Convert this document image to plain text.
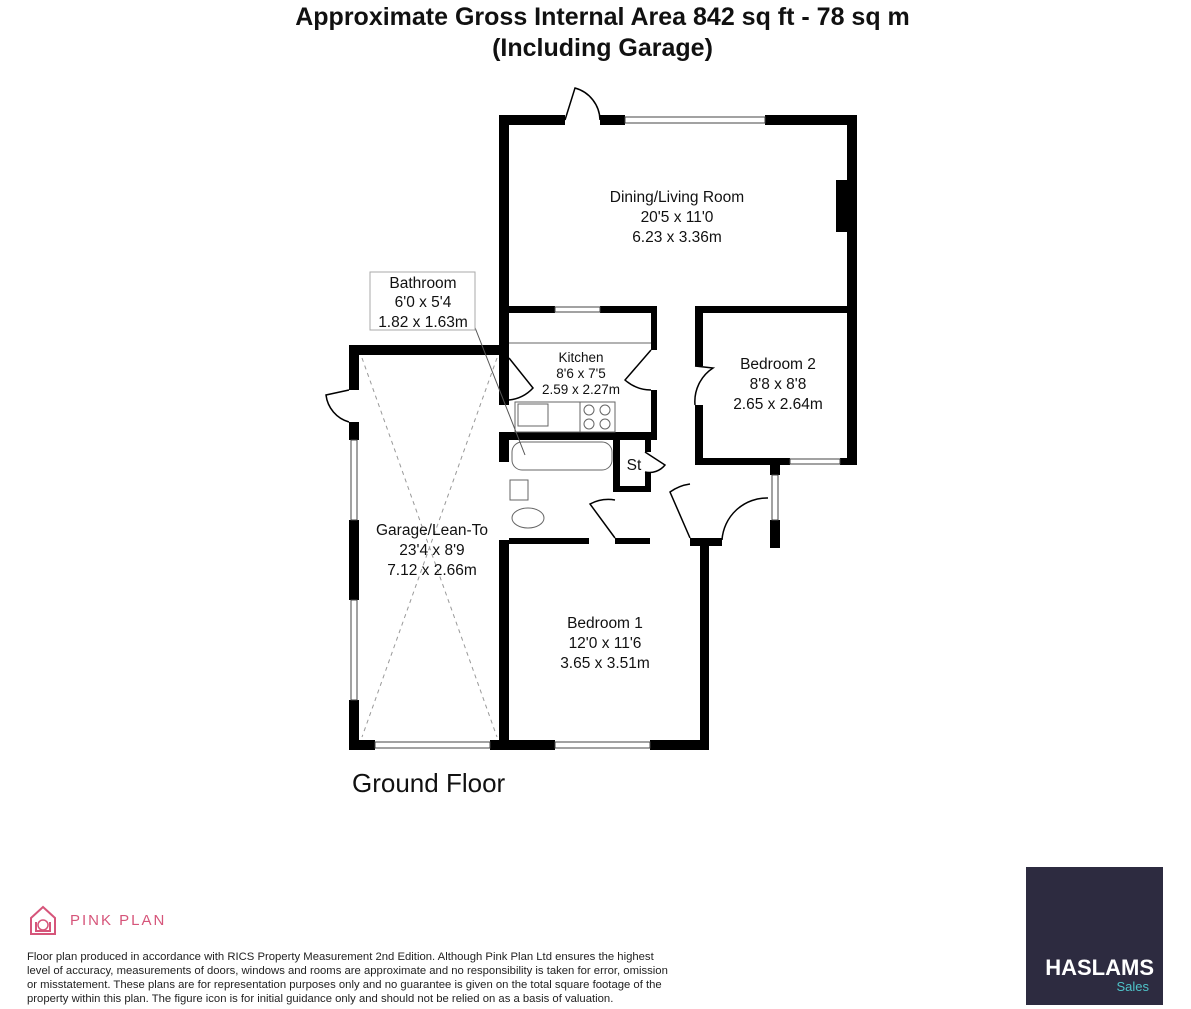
Approximate Gross Internal Area 842 sq ft - 78 sq m
(Including Garage)
Dining/Living Room
20'5 x 11'0
6.23 x 3.36m
Bathroom
6'0 x 5'4
1.82 x 1.63m
Kitchen
8'6 x 7'5
2.59 x 2.27m
Bedroom 2
8'8 x 8'8
2.65 x 2.64m
Garage/Lean-To
23'4 x 8'9
7.12 x 2.66m
Bedroom 1
12'0 x 11'6
3.65 x 3.51m
St
Ground Floor
PINK PLAN
Floor plan produced in accordance with RICS Property Measurement 2nd Edition. Although Pink Plan Ltd ensures the highest
level of accuracy, measurements of doors, windows and rooms are approximate and no responsibility is taken for error, omission
or misstatement. These plans are for representation purposes only and no guarantee is given on the total square footage of the
property within this plan. The figure icon is for initial guidance only and should not be relied on as a basis of valuation.
HASLAMS
Sales
